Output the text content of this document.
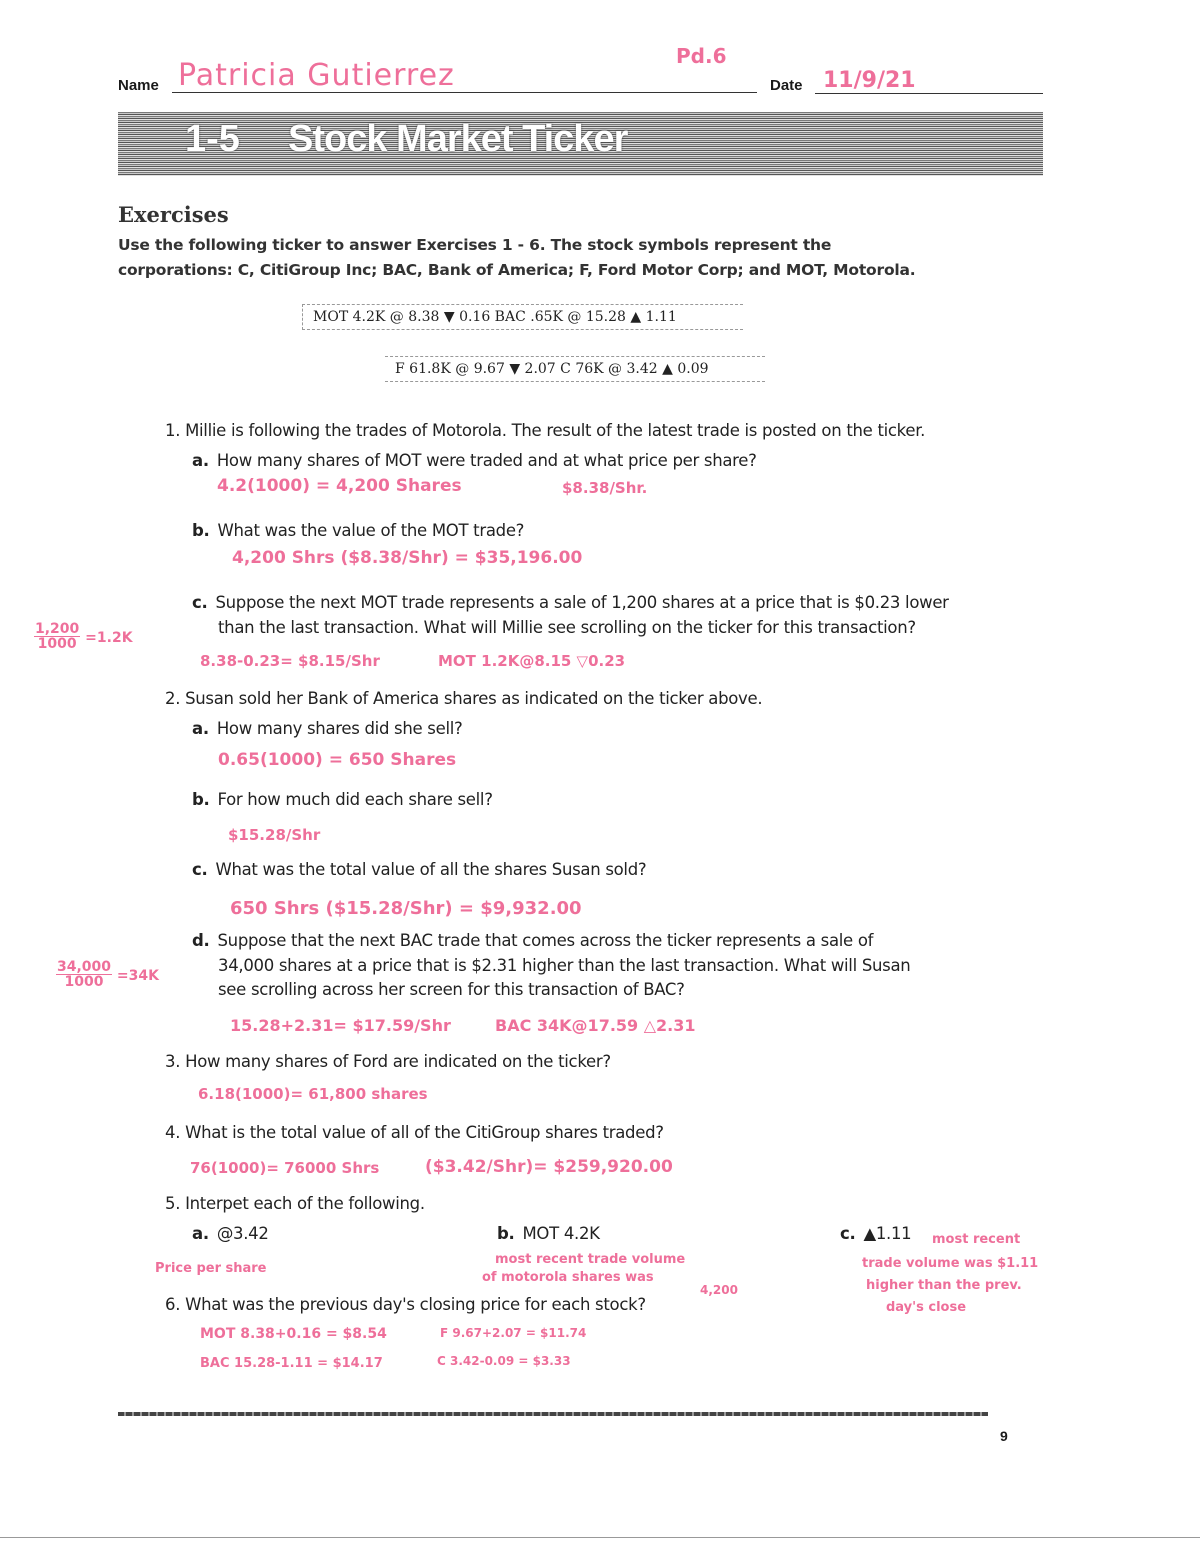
Name Patricia Gutierrez
Pd.6
Date 11/9/21
1-5 Stock Market Ticker
Exercises
Use the following ticker to answer Exercises 1 - 6. The stock symbols represent the
corporations: C, CitiGroup Inc; BAC, Bank of America; F, Ford Motor Corp; and MOT, Motorola.
MOT 4.2K @ 8.38 ▼ 0.16 BAC .65K @ 15.28 ▲ 1.11
F 61.8K @ 9.67 ▼ 2.07 C 76K @ 3.42 ▲ 0.09
1. Millie is following the trades of Motorola. The result of the latest trade is posted on the ticker.
a. How many shares of MOT were traded and at what price per share?
4.2(1000) = 4,200 Shares	$8.38/Shr.
b. What was the value of the MOT trade?
4,200 Shrs ($8.38/Shr) = $35,196.00
c. Suppose the next MOT trade represents a sale of 1,200 shares at a price that is $0.23 lower
than the last transaction. What will Millie see scrolling on the ticker for this transaction?
$\frac{1,200}{1000} =1.2K$
8.38-0.23= $8.15/Shr	MOT 1.2K@8.15 ▽0.23
2. Susan sold her Bank of America shares as indicated on the ticker above.
a. How many shares did she sell?
0.65(1000) = 650 Shares
b. For how much did each share sell?
$15.28/Shr
c. What was the total value of all the shares Susan sold?
650 Shrs ($15.28/Shr) = $9,932.00
d. Suppose that the next BAC trade that comes across the ticker represents a sale of
34,000 shares at a price that is $2.31 higher than the last transaction. What will Susan
see scrolling across her screen for this transaction of BAC?
$\frac{34,000}{1000} =34K$
15.28+2.31= $17.59/Shr	BAC 34K@17.59 △2.31
3. How many shares of Ford are indicated on the ticker?
6.18(1000)= 61,800 shares
4. What is the total value of all of the CitiGroup shares traded?
76(1000)= 76000 Shrs	($3.42/Shr)= $259,920.00
5. Interpet each of the following.
a. @3.42
Price per share
b. MOT 4.2K
most recent trade volume
of motorola shares was
4,200
c. ▲1.11 most recent
trade volume was $1.11
higher than the prev.
day's close
6. What was the previous day's closing price for each stock?
MOT 8.38+0.16 = $8.54	F 9.67+2.07 = $11.74
BAC 15.28-1.11 = $14.17	C 3.42-0.09 = $3.33
9
